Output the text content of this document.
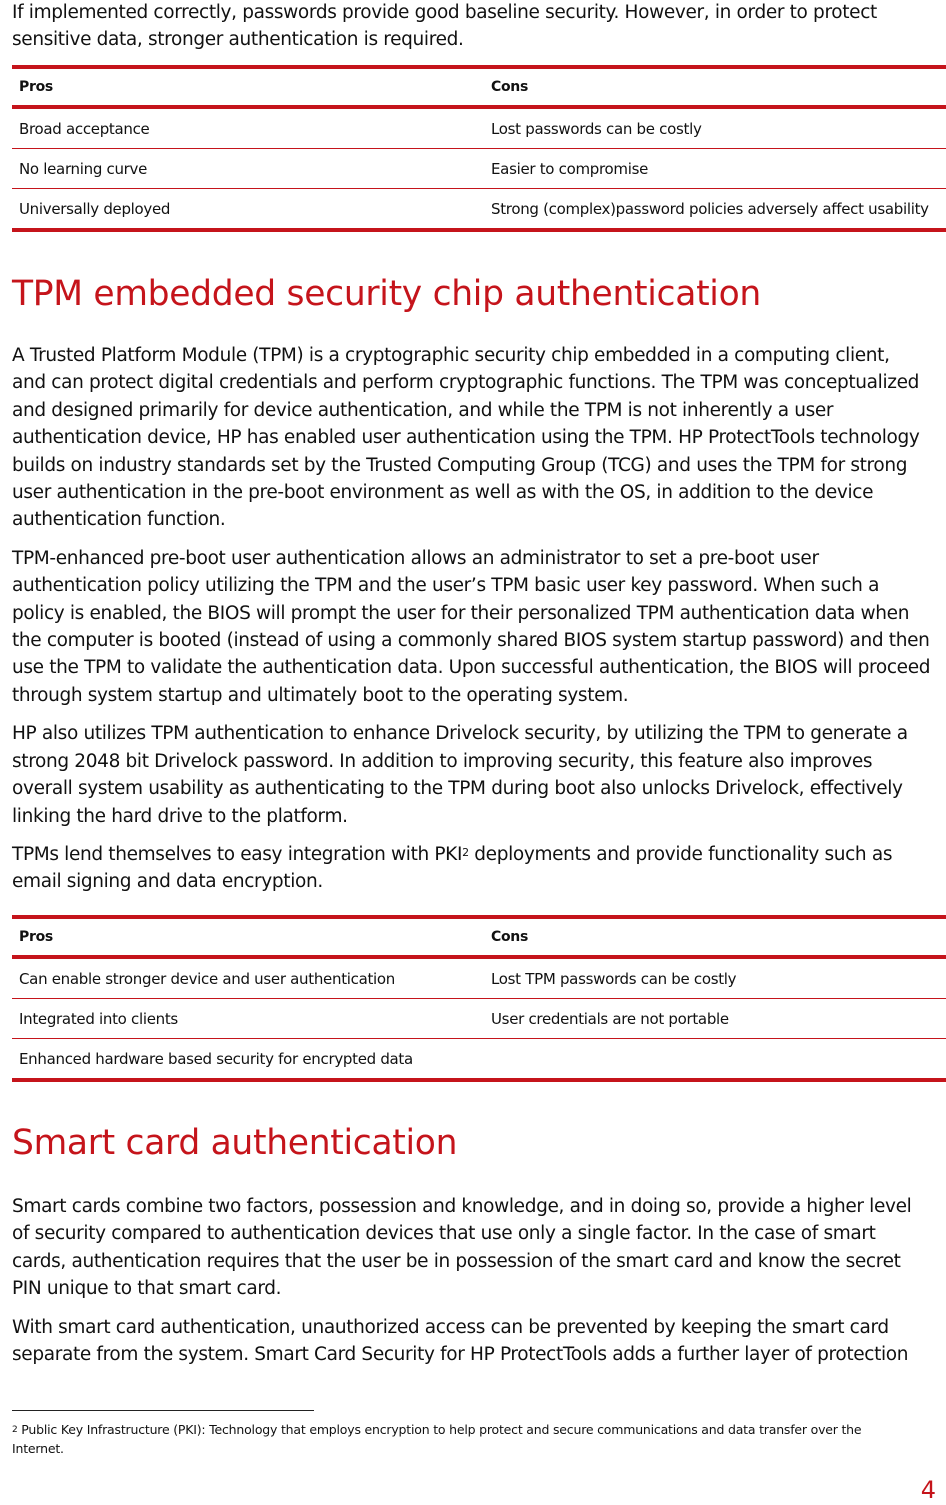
If implemented correctly, passwords provide good baseline security. However, in order to protect
sensitive data, stronger authentication is required.

Pros	Cons
Broad acceptance	Lost passwords can be costly
No learning curve	Easier to compromise
Universally deployed	Strong (complex)password policies adversely affect usability
TPM embedded security chip authentication

A Trusted Platform Module (TPM) is a cryptographic security chip embedded in a computing client,
and can protect digital credentials and perform cryptographic functions. The TPM was conceptualized
and designed primarily for device authentication, and while the TPM is not inherently a user
authentication device, HP has enabled user authentication using the TPM. HP ProtectTools technology
builds on industry standards set by the Trusted Computing Group (TCG) and uses the TPM for strong
user authentication in the pre-boot environment as well as with the OS, in addition to the device
authentication function.

TPM-enhanced pre-boot user authentication allows an administrator to set a pre-boot user
authentication policy utilizing the TPM and the user’s TPM basic user key password. When such a
policy is enabled, the BIOS will prompt the user for their personalized TPM authentication data when
the computer is booted (instead of using a commonly shared BIOS system startup password) and then
use the TPM to validate the authentication data. Upon successful authentication, the BIOS will proceed
through system startup and ultimately boot to the operating system.

HP also utilizes TPM authentication to enhance Drivelock security, by utilizing the TPM to generate a
strong 2048 bit Drivelock password. In addition to improving security, this feature also improves
overall system usability as authenticating to the TPM during boot also unlocks Drivelock, effectively
linking the hard drive to the platform.

TPMs lend themselves to easy integration with PKI$^2$ deployments and provide functionality such as
email signing and data encryption.

Pros	Cons
Can enable stronger device and user authentication	Lost TPM passwords can be costly
Integrated into clients	User credentials are not portable
Enhanced hardware based security for encrypted data	
Smart card authentication

Smart cards combine two factors, possession and knowledge, and in doing so, provide a higher level
of security compared to authentication devices that use only a single factor. In the case of smart
cards, authentication requires that the user be in possession of the smart card and know the secret
PIN unique to that smart card.

With smart card authentication, unauthorized access can be prevented by keeping the smart card
separate from the system. Smart Card Security for HP ProtectTools adds a further layer of protection

$^2$ Public Key Infrastructure (PKI): Technology that employs encryption to help protect and secure communications and data transfer over the
Internet.
4
